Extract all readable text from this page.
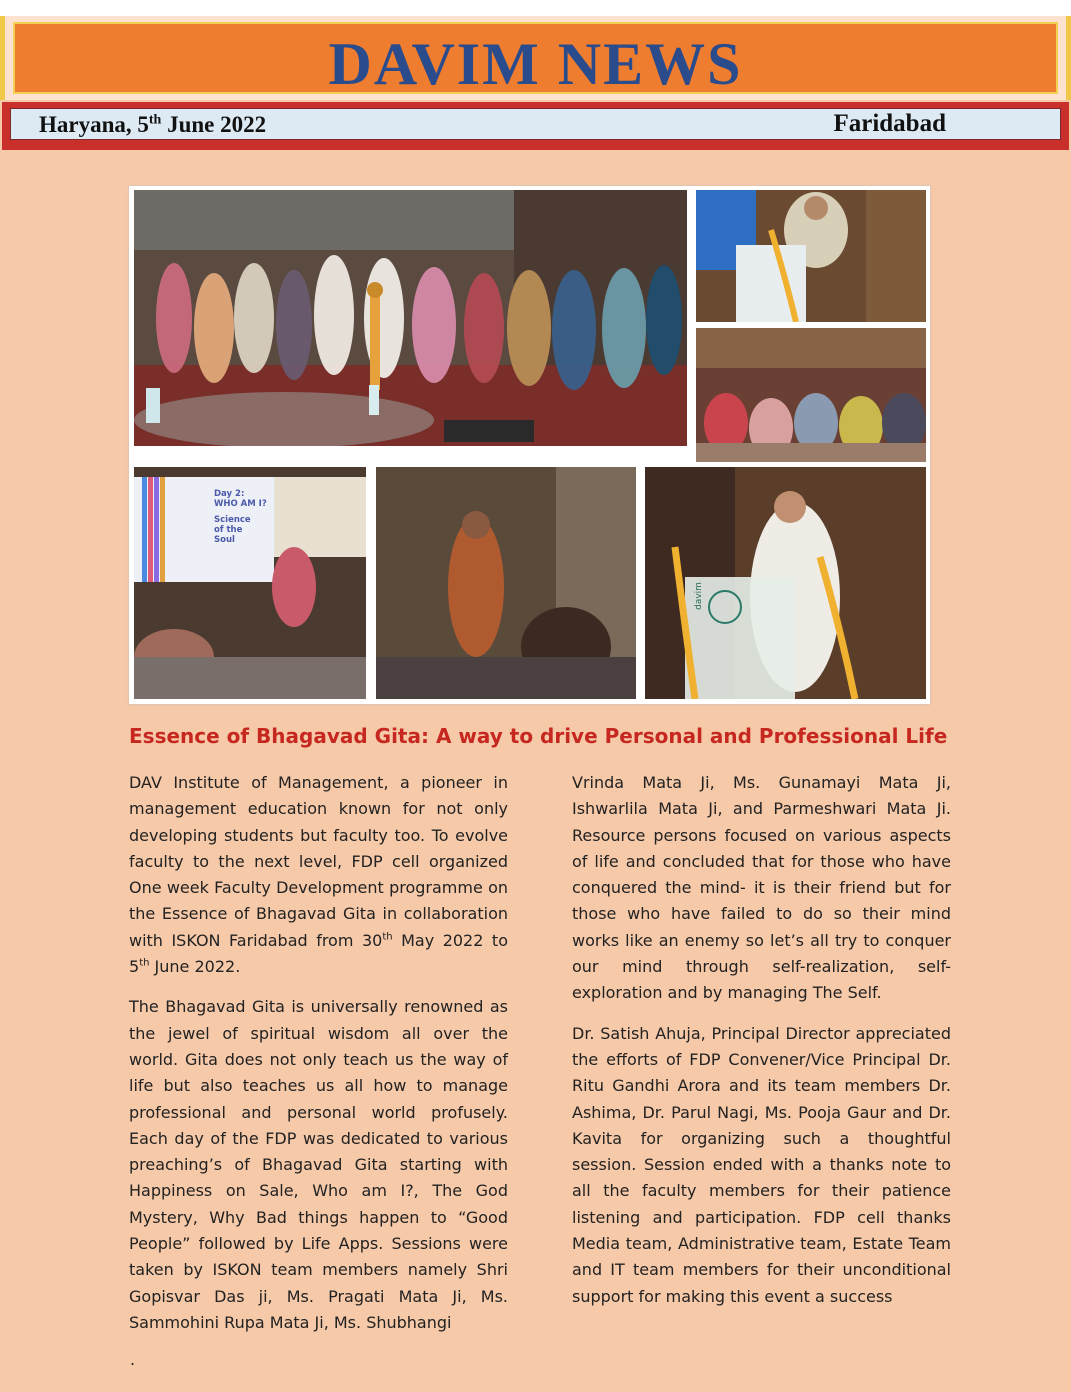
DAVIM NEWS
Haryana, 5th June 2022	Faridabad
Day 2:
WHO AM I?
Science
of the
Soul
davim
Essence of Bhagavad Gita: A way to drive Personal and Professional Life

DAV Institute of Management, a pioneer in management education known for not only developing students but faculty too. To evolve faculty to the next level, FDP cell organized One week Faculty Development programme on the Essence of Bhagavad Gita in collaboration with ISKON Faridabad from 30th May 2022 to 5th June 2022.

The Bhagavad Gita is universally renowned as the jewel of spiritual wisdom all over the world. Gita does not only teach us the way of life but also teaches us all how to manage professional and personal world profusely. Each day of the FDP was dedicated to various preaching’s of Bhagavad Gita starting with Happiness on Sale, Who am I?, The God Mystery, Why Bad things happen to “Good People” followed by Life Apps. Sessions were taken by ISKON team members namely Shri Gopisvar Das ji, Ms. Pragati Mata Ji, Ms. Sammohini Rupa Mata Ji, Ms. Shubhangi

Vrinda Mata Ji, Ms. Gunamayi Mata Ji, Ishwarlila Mata Ji, and Parmeshwari Mata Ji. Resource persons focused on various aspects of life and concluded that for those who have conquered the mind- it is their friend but for those who have failed to do so their mind works like an enemy so let’s all try to conquer our mind through self-realization, self-exploration and by managing The Self.

Dr. Satish Ahuja, Principal Director appreciated the efforts of FDP Convener/Vice Principal Dr. Ritu Gandhi Arora and its team members Dr. Ashima, Dr. Parul Nagi, Ms. Pooja Gaur and Dr. Kavita for organizing such a thoughtful session. Session ended with a thanks note to all the faculty members for their patience listening and participation. FDP cell thanks Media team, Administrative team, Estate Team and IT team members for their unconditional support for making this event a success

.
